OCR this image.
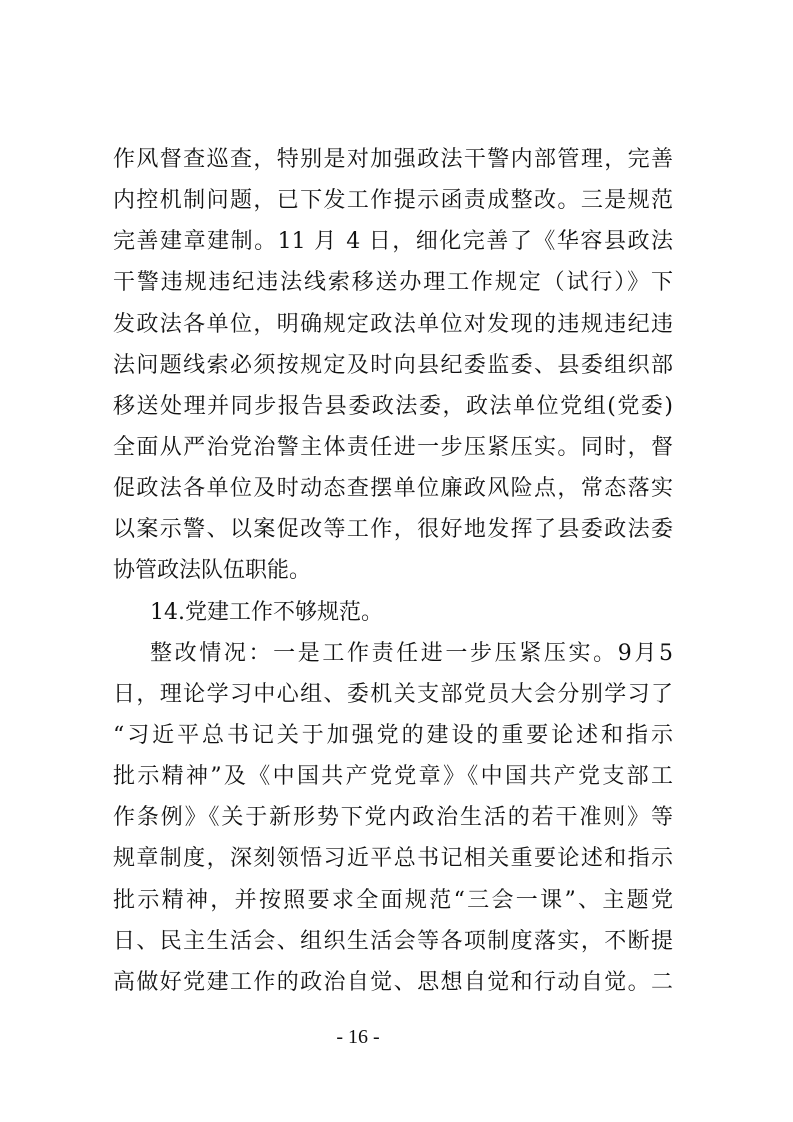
作风督查巡查，特别是对加强政法干警内部管理，完善
内控机制问题，已下发工作提示函责成整改。三是规范
完善建章建制。11 月 4 日，细化完善了《华容县政法
干警违规违纪违法线索移送办理工作规定（试行）》下
发政法各单位，明确规定政法单位对发现的违规违纪违
法问题线索必须按规定及时向县纪委监委、县委组织部
移送处理并同步报告县委政法委，政法单位党组(党委)
全面从严治党治警主体责任进一步压紧压实。同时，督
促政法各单位及时动态查摆单位廉政风险点，常态落实
以案示警、以案促改等工作，很好地发挥了县委政法委
协管政法队伍职能。
14.党建工作不够规范。
整改情况：一是工作责任进一步压紧压实。9月5
日，理论学习中心组、委机关支部党员大会分别学习了
“习近平总书记关于加强党的建设的重要论述和指示
批示精神”及《中国共产党党章》《中国共产党支部工
作条例》《关于新形势下党内政治生活的若干准则》等
规章制度，深刻领悟习近平总书记相关重要论述和指示
批示精神，并按照要求全面规范“三会一课”、主题党
日、民主生活会、组织生活会等各项制度落实，不断提
高做好党建工作的政治自觉、思想自觉和行动自觉。二
- 16 -
